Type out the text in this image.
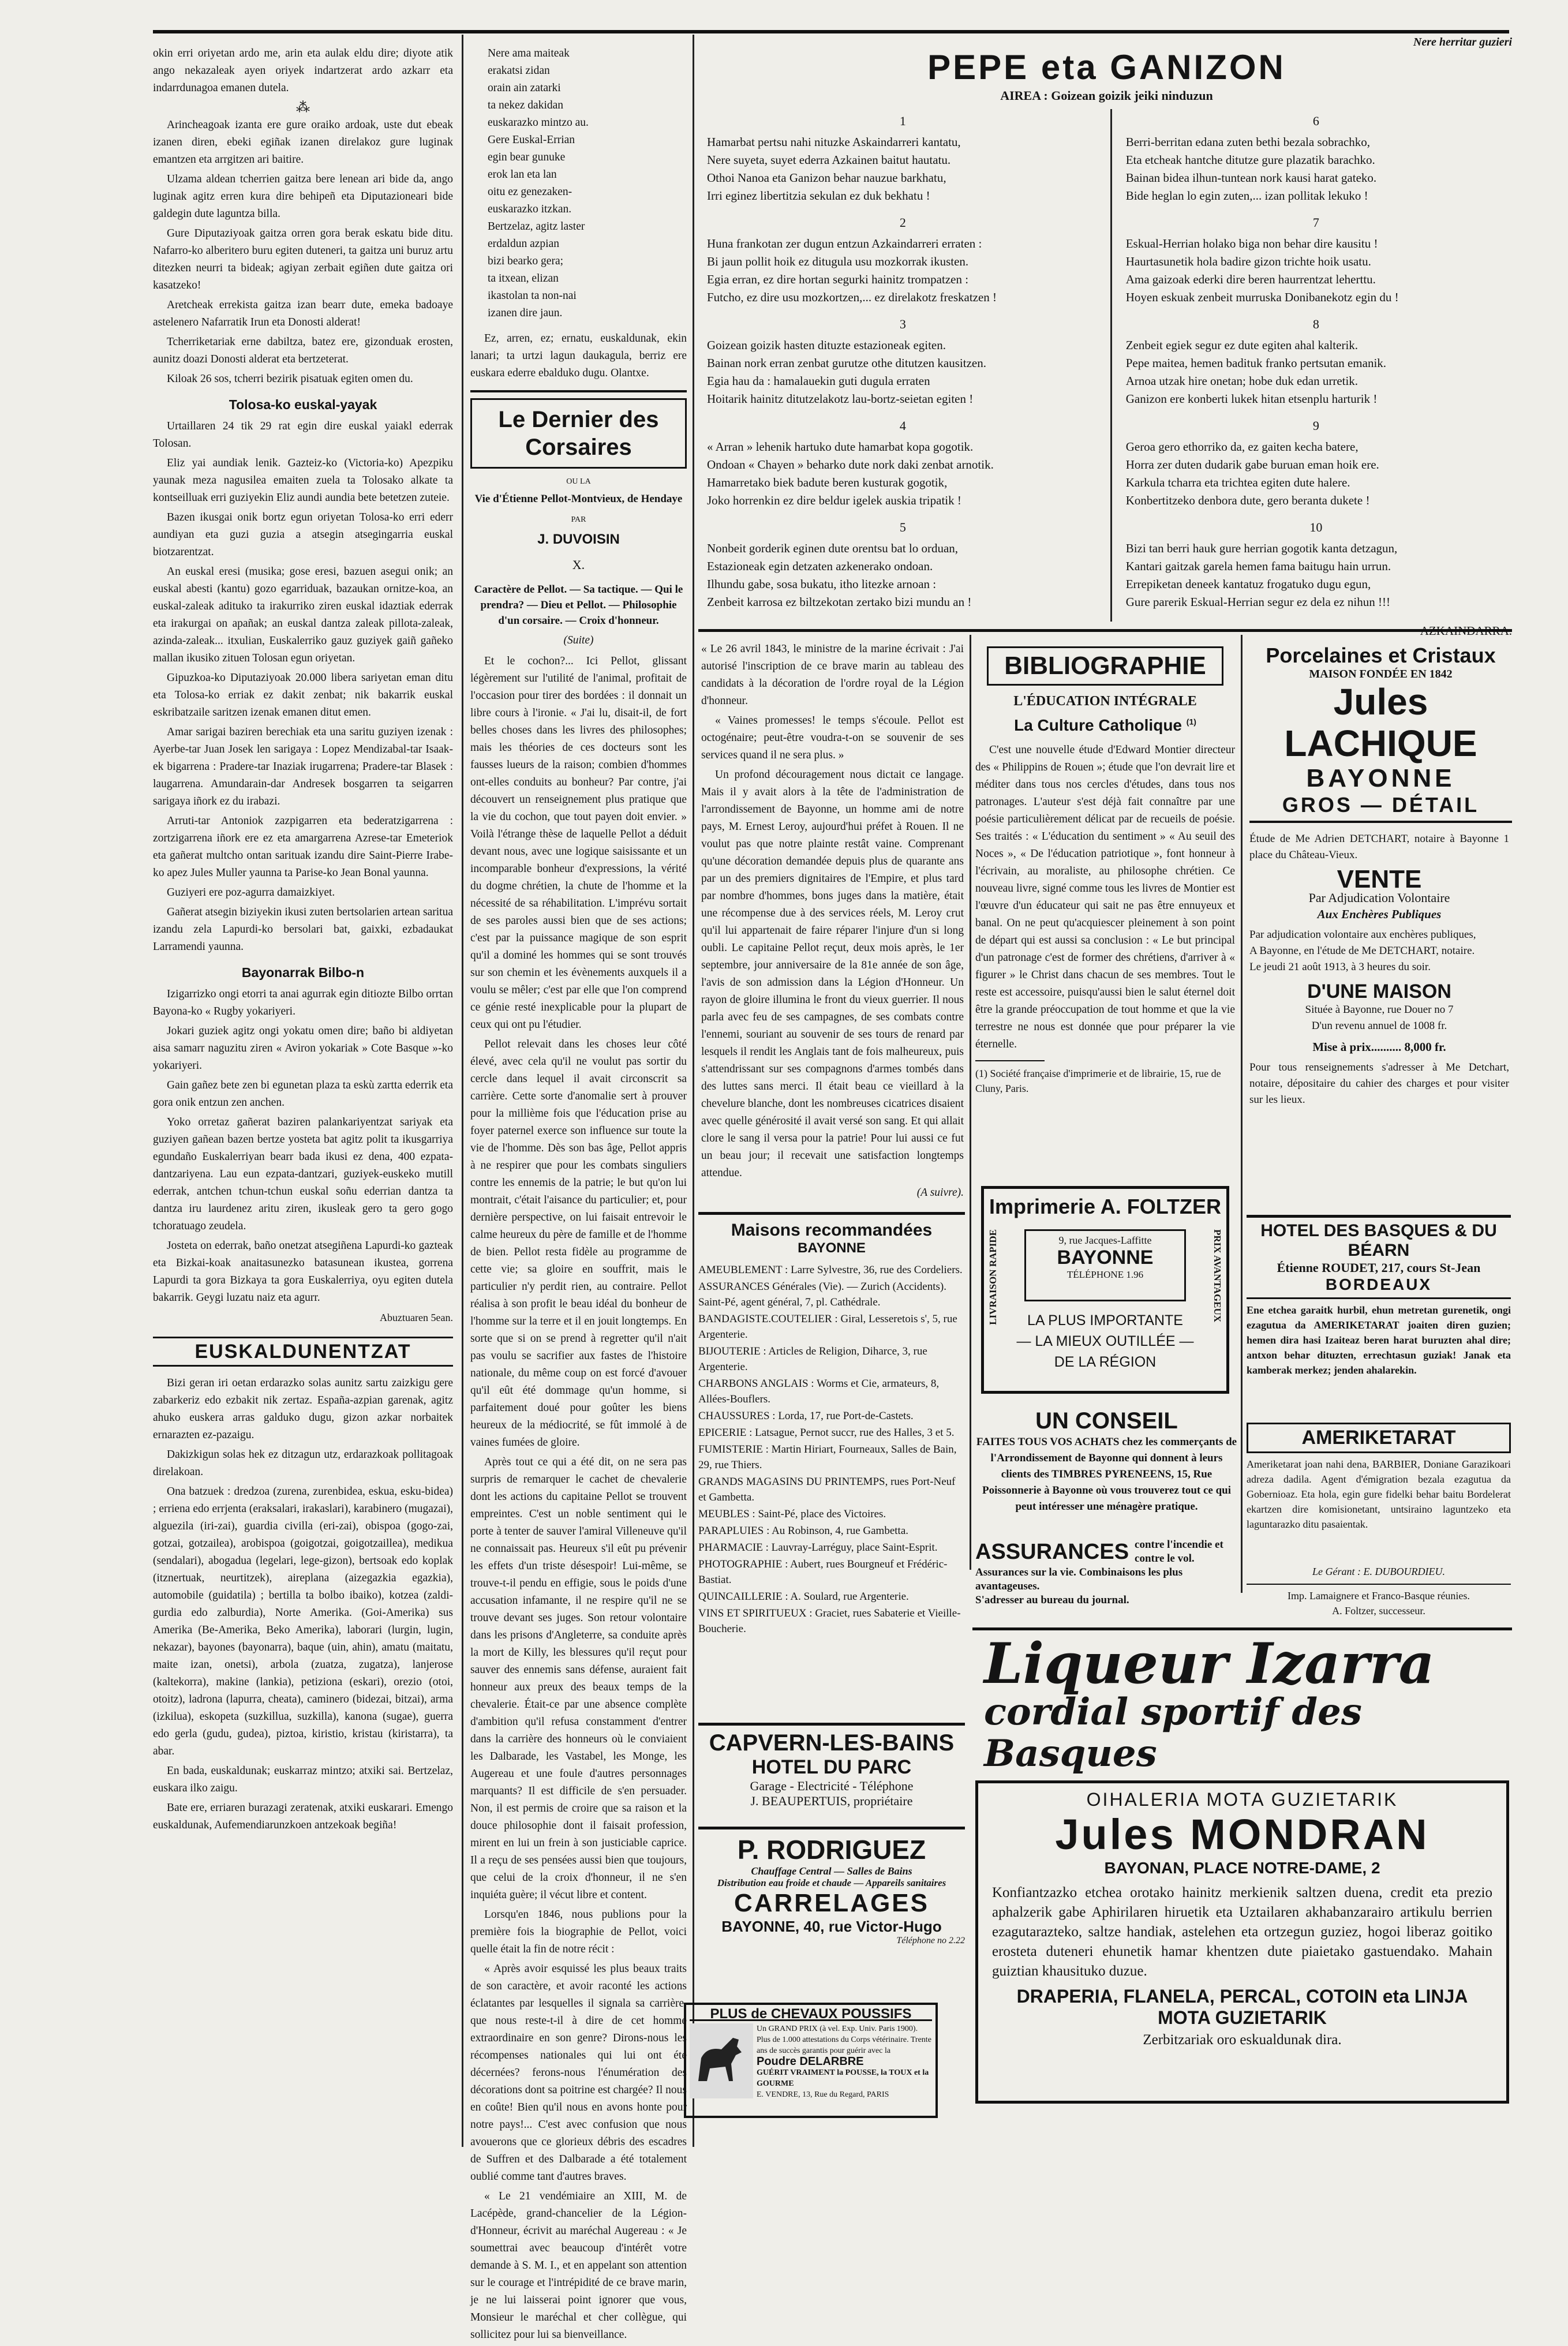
okin erri oriyetan ardo me, arin eta aulak eldu dire; diyote atik ango nekazaleak ayen oriyek indartzerat ardo azkarr eta indarrdunagoa emanen dutela.

⁂

Arincheagoak izanta ere gure oraiko ardoak, uste dut ebeak izanen diren, ebeki egiñak izanen direlakoz gure luginak emantzen eta arrgitzen ari baitire.

Ulzama aldean tcherrien gaitza bere lenean ari bide da, ango luginak agitz erren kura dire behipeñ eta Diputazioneari bide galdegin dute laguntza billa.

Gure Diputaziyoak gaitza orren gora berak eskatu bide ditu. Nafarro-ko alberitero buru egiten duteneri, ta gaitza uni buruz artu ditezken neurri ta bideak; agiyan zerbait egiñen dute gaitza ori kasatzeko!

Aretcheak errekista gaitza izan bearr dute, emeka badoaye astelenero Nafarratik Irun eta Donosti alderat!

Tcherriketariak erne dabiltza, batez ere, gizonduak erosten, aunitz doazi Donosti alderat eta bertzeterat.

Kiloak 26 sos, tcherri bezirik pisatuak egiten omen du.

Tolosa-ko euskal-yayak

Urtaillaren 24 tik 29 rat egin dire euskal yaiakl ederrak Tolosan.

Eliz yai aundiak lenik. Gazteiz-ko (Victoria-ko) Apezpiku yaunak meza nagusilea emaiten zuela ta Tolosako alkate ta kontseilluak erri guziyekin Eliz aundi aundia bete betetzen zuteie.

Bazen ikusgai onik bortz egun oriyetan Tolosa-ko erri ederr aundiyan eta guzi guzia a atsegin atsegingarria euskal biotzarentzat.

An euskal eresi (musika; gose eresi, bazuen asegui onik; an euskal abesti (kantu) gozo egarriduak, bazaukan ornitze-koa, an euskal-zaleak adituko ta irakurriko ziren euskal idaztiak ederrak eta irakurgai on apañak; an euskal dantza zaleak pillota-zaleak, azinda-zaleak... itxulian, Euskalerriko gauz guziyek gaiñ gañeko mallan ikusiko zituen Tolosan egun oriyetan.

Gipuzkoa-ko Diputaziyoak 20.000 libera sariyetan eman ditu eta Tolosa-ko erriak ez dakit zenbat; nik bakarrik euskal eskribatzaile saritzen izenak emanen ditut emen.

Amar sarigai baziren berechiak eta una saritu guziyen izenak : Ayerbe-tar Juan Josek len sarigaya : Lopez Mendizabal-tar Isaak-ek bigarrena : Pradere-tar Inaziak irugarrena; Pradere-tar Blasek : laugarrena. Amundarain-dar Andresek bosgarren ta seigarren sarigaya iñork ez du irabazi.

Arruti-tar Antoniok zazpigarren eta bederatzigarrena : zortzigarrena iñork ere ez eta amargarrena Azrese-tar Emeteriok eta gañerat multcho ontan sarituak izandu dire Saint-Pierre Irabe-ko apez Jules Muller yaunna ta Parise-ko Jean Bonal yaunna.

Guziyeri ere poz-agurra damaizkiyet.

Gañerat atsegin biziyekin ikusi zuten bertsolarien artean saritua izandu zela Lapurdi-ko bersolari bat, gaixki, ezbadaukat Larramendi yaunna.

Bayonarrak Bilbo-n

Izigarrizko ongi etorri ta anai agurrak egin ditiozte Bilbo orrtan Bayona-ko « Rugby yokariyeri.

Jokari guziek agitz ongi yokatu omen dire; baño bi aldiyetan aisa samarr naguzitu ziren « Aviron yokariak » Cote Basque »-ko yokariyeri.

Gain gañez bete zen bi egunetan plaza ta eskù zartta ederrik eta gora onik entzun zen anchen.

Yoko orretaz gañerat baziren palankariyentzat sariyak eta guziyen gañean bazen bertze yosteta bat agitz polit ta ikusgarriya egundaño Euskalerriyan bearr bada ikusi ez dena, 400 ezpata-dantzariyena. Lau eun ezpata-dantzari, guziyek-euskeko mutill ederrak, antchen tchun-tchun euskal soñu ederrian dantza ta dantza iru laurdenez aritu ziren, ikusleak gero ta gero gogo tchoratuago zeudela.

Josteta on ederrak, baño onetzat atsegiñena Lapurdi-ko gazteak eta Bizkai-koak anaitasunezko batasunean ikustea, gorrena Lapurdi ta gora Bizkaya ta gora Euskalerriya, oyu egiten dutela bakarrik. Geygi luzatu naiz eta agurr.

Abuztuaren 5ean.
EUSKALDUNENTZAT

Bizi geran iri oetan erdarazko solas aunitz sartu zaizkigu gere zabarkeriz edo ezbakit nik zertaz. España-azpian garenak, agitz ahuko euskera arras galduko dugu, gizon azkar norbaitek ernarazten ez-pazaigu.

Dakizkigun solas hek ez ditzagun utz, erdarazkoak pollitagoak direlakoan.

Ona batzuek : dredzoa (zurena, zurenbidea, eskua, esku-bidea) ; erriena edo errjenta (eraksalari, irakaslari), karabinero (mugazai), alguezila (iri-zai), guardia civilla (eri-zai), obispoa (gogo-zai, gotzai, gotzailea), arobispoa (goigotzai, goigotzaillea), medikua (sendalari), abogadua (legelari, lege-gizon), bertsoak edo koplak (itznertuak, neurtitzek), aireplana (aizegazkia egazkia), automobile (guidatila) ; bertilla ta bolbo ibaiko), kotzea (zaldi-gurdia edo zalburdia), Norte Amerika. (Goi-Amerika) sus Amerika (Be-Amerika, Beko Amerika), laborari (lurgin, lugin, nekazar), bayones (bayonarra), baque (uin, ahin), amatu (maitatu, maite izan, onetsi), arbola (zuatza, zugatza), lanjerose (kaltekorra), makine (lankia), petiziona (eskari), orezio (otoi, otoitz), ladrona (lapurra, cheata), caminero (bidezai, bitzai), arma (izkilua), eskopeta (suzkillua, suzkilla), kanona (sugae), guerra edo gerla (gudu, gudea), piztoa, kiristio, kristau (kiristarra), ta abar.

En bada, euskaldunak; euskarraz mintzo; atxiki sai. Bertzelaz, euskara ilko zaigu.

Bate ere, erriaren burazagi zeratenak, atxiki euskarari. Emengo euskaldunak, Aufemendiarunzkoen antzekoak begiña!

Nere ama maiteak
erakatsi zidan
orain ain zatarki
ta nekez dakidan
euskarazko mintzo au.
Gere Euskal-Errian
egin bear gunuke
erok lan eta lan
oitu ez genezaken-
euskarazko itzkan.
Bertzelaz, agitz laster
erdaldun azpian
bizi bearko gera;
ta itxean, elizan
ikastolan ta non-nai
izanen dire jaun.

Ez, arren, ez; ernatu, euskaldunak, ekin lanari; ta urtzi lagun daukagula, berriz ere euskara ederre ebalduko dugu. Olantxe.

Le Dernier des Corsaires
OU LA
Vie d'Étienne Pellot-Montvieux, de Hendaye
PAR
J. DUVOISIN
X.
Caractère de Pellot. — Sa tactique. — Qui le prendra? — Dieu et Pellot. — Philosophie d'un corsaire. — Croix d'honneur.
(Suite)

Et le cochon?... Ici Pellot, glissant légèrement sur l'utilité de l'animal, profitait de l'occasion pour tirer des bordées : il donnait un libre cours à l'ironie. « J'ai lu, disait-il, de fort belles choses dans les livres des philosophes; mais les théories de ces docteurs sont les fausses lueurs de la raison; combien d'hommes ont-elles conduits au bonheur? Par contre, j'ai découvert un renseignement plus pratique que la vie du cochon, que tout payen doit envier. » Voilà l'étrange thèse de laquelle Pellot a déduit devant nous, avec une logique saisissante et un incomparable bonheur d'expressions, la vérité du dogme chrétien, la chute de l'homme et la nécessité de sa réhabilitation. L'imprévu sortait de ses paroles aussi bien que de ses actions; c'est par la puissance magique de son esprit qu'il a dominé les hommes qui se sont trouvés sur son chemin et les évènements auxquels il a voulu se mêler; c'est par elle que l'on comprend ce génie resté inexplicable pour la plupart de ceux qui ont pu l'étudier.

Pellot relevait dans les choses leur côté élevé, avec cela qu'il ne voulut pas sortir du cercle dans lequel il avait circonscrit sa carrière. Cette sorte d'anomalie sert à prouver pour la millième fois que l'éducation prise au foyer paternel exerce son influence sur toute la vie de l'homme. Dès son bas âge, Pellot appris à ne respirer que pour les combats singuliers contre les ennemis de la patrie; le but qu'on lui montrait, c'était l'aisance du particulier; et, pour dernière perspective, on lui faisait entrevoir le calme heureux du père de famille et de l'homme de bien. Pellot resta fidèle au programme de cette vie; sa gloire en souffrit, mais le particulier n'y perdit rien, au contraire. Pellot réalisa à son profit le beau idéal du bonheur de l'homme sur la terre et il en jouit longtemps. En sorte que si on se prend à regretter qu'il n'ait pas voulu se sacrifier aux fastes de l'histoire nationale, du même coup on est forcé d'avouer qu'il eût été dommage qu'un homme, si parfaitement doué pour goûter les biens heureux de la médiocrité, se fût immolé à de vaines fumées de gloire.

Après tout ce qui a été dit, on ne sera pas surpris de remarquer le cachet de chevalerie dont les actions du capitaine Pellot se trouvent empreintes. C'est un noble sentiment qui le porte à tenter de sauver l'amiral Villeneuve qu'il ne connaissait pas. Heureux s'il eût pu prévenir les effets d'un triste désespoir! Lui-même, se trouve-t-il pendu en effigie, sous le poids d'une accusation infamante, il ne respire qu'il ne se trouve devant ses juges. Son retour volontaire dans les prisons d'Angleterre, sa conduite après la mort de Killy, les blessures qu'il reçut pour sauver des ennemis sans défense, auraient fait honneur aux preux des beaux temps de la chevalerie. Était-ce par une absence complète d'ambition qu'il refusa constamment d'entrer dans la carrière des honneurs où le conviaient les Dalbarade, les Vastabel, les Monge, les Augereau et une foule d'autres personnages marquants? Il est difficile de s'en persuader. Non, il est permis de croire que sa raison et la douce philosophie dont il faisait profession, mirent en lui un frein à son justiciable caprice. Il a reçu de ses pensées aussi bien que toujours, que celui de la croix d'honneur, il ne s'en inquiéta guère; il vécut libre et content.

Lorsqu'en 1846, nous publions pour la première fois la biographie de Pellot, voici quelle était la fin de notre récit :

« Après avoir esquissé les plus beaux traits de son caractère, et avoir raconté les actions éclatantes par lesquelles il signala sa carrière, que nous reste-t-il à dire de cet homme extraordinaire en son genre? Dirons-nous les récompenses nationales qui lui ont été décernées? ferons-nous l'énumération des décorations dont sa poitrine est chargée? Il nous en coûte! Bien qu'il nous en avons honte pour notre pays!... C'est avec confusion que nous avouerons que ce glorieux débris des escadres de Suffren et des Dalbarade a été totalement oublié comme tant d'autres braves.

« Le 21 vendémiaire an XIII, M. de Lacépède, grand-chancelier de la Légion-d'Honneur, écrivit au maréchal Augereau : « Je soumettrai avec beaucoup d'intérêt votre demande à S. M. I., et en appelant son attention sur le courage et l'intrépidité de ce brave marin, je ne lui laisserai point ignorer que vous, Monsieur le maréchal et cher collègue, qui sollicitez pour lui sa bienveillance.

Nere herritar guzieri
PEPE eta GANIZON
AIREA : Goizean goizik jeiki ninduzun
1
Hamarbat pertsu nahi nituzke Askaindarreri kantatu,
Nere suyeta, suyet ederra Azkainen baitut hautatu.
Othoi Nanoa eta Ganizon behar nauzue barkhatu,
Irri eginez libertitzia sekulan ez duk bekhatu !
2
Huna frankotan zer dugun entzun Azkaindarreri erraten :
Bi jaun pollit hoik ez ditugula usu mozkorrak ikusten.
Egia erran, ez dire hortan segurki hainitz trompatzen :
Futcho, ez dire usu mozkortzen,... ez direlakotz freskatzen !
3
Goizean goizik hasten dituzte estazioneak egiten.
Bainan nork erran zenbat gurutze othe ditutzen kausitzen.
Egia hau da : hamalauekin guti dugula erraten
Hoitarik hainitz ditutzelakotz lau-bortz-seietan egiten !
4
« Arran » lehenik hartuko dute hamarbat kopa gogotik.
Ondoan « Chayen » beharko dute nork daki zenbat arnotik.
Hamarretako biek badute beren kusturak gogotik,
Joko horrenkin ez dire beldur igelek auskia tripatik !
5
Nonbeit gorderik eginen dute orentsu bat lo orduan,
Estazioneak egin detzaten azkenerako ondoan.
Ilhundu gabe, sosa bukatu, itho litezke arnoan :
Zenbeit karrosa ez biltzekotan zertako bizi mundu an !
6
Berri-berritan edana zuten bethi bezala sobrachko,
Eta etcheak hantche ditutze gure plazatik barachko.
Bainan bidea ilhun-tuntean nork kausi harat gateko.
Bide heglan lo egin zuten,... izan pollitak lekuko !
7
Eskual-Herrian holako biga non behar dire kausitu !
Haurtasunetik hola badire gizon trichte hoik usatu.
Ama gaizoak ederki dire beren haurrentzat leherttu.
Hoyen eskuak zenbeit murruska Donibanekotz egin du !
8
Zenbeit egiek segur ez dute egiten ahal kalterik.
Pepe maitea, hemen badituk franko pertsutan emanik.
Arnoa utzak hire onetan; hobe duk edan urretik.
Ganizon ere konberti lukek hitan etsenplu harturik !
9
Geroa gero ethorriko da, ez gaiten kecha batere,
Horra zer duten dudarik gabe buruan eman hoik ere.
Karkula tcharra eta trichtea egiten dute halere.
Konbertitzeko denbora dute, gero beranta dukete !
10
Bizi tan berri hauk gure herrian gogotik kanta detzagun,
Kantari gaitzak garela hemen fama baitugu hain urrun.
Errepiketan deneek kantatuz frogatuko dugu egun,
Gure parerik Eskual-Herrian segur ez dela ez nihun !!!
AZKAINDARRA.

« Le 26 avril 1843, le ministre de la marine écrivait : J'ai autorisé l'inscription de ce brave marin au tableau des candidats à la décoration de l'ordre royal de la Légion d'honneur.

« Vaines promesses! le temps s'écoule. Pellot est octogénaire; peut-être voudra-t-on se souvenir de ses services quand il ne sera plus. »

Un profond découragement nous dictait ce langage. Mais il y avait alors à la tête de l'administration de l'arrondissement de Bayonne, un homme ami de notre pays, M. Ernest Leroy, aujourd'hui préfet à Rouen. Il ne voulut pas que notre plainte restât vaine. Comprenant qu'une décoration demandée depuis plus de quarante ans par un des premiers dignitaires de l'Empire, et plus tard par nombre d'hommes, bons juges dans la matière, était une récompense due à des services réels, M. Leroy crut qu'il lui appartenait de faire réparer l'injure d'un si long oubli. Le capitaine Pellot reçut, deux mois après, le 1er septembre, jour anniversaire de la 81e année de son âge, l'avis de son admission dans la Légion d'Honneur. Un rayon de gloire illumina le front du vieux guerrier. Il nous parla avec feu de ses campagnes, de ses combats contre l'ennemi, souriant au souvenir de ses tours de renard par lesquels il rendit les Anglais tant de fois malheureux, puis s'attendrissant sur ses compagnons d'armes tombés dans des luttes sans merci. Il était beau ce vieillard à la chevelure blanche, dont les nombreuses cicatrices disaient avec quelle générosité il avait versé son sang. Et qui allait clore le sang il versa pour la patrie! Pour lui aussi ce fut un beau jour; il recevait une satisfaction longtemps attendue.

(A suivre).
Maisons recommandées
BAYONNE
AMEUBLEMENT : Larre Sylvestre, 36, rue des Cordeliers.
ASSURANCES Générales (Vie). — Zurich (Accidents). Saint-Pé, agent général, 7, pl. Cathédrale.
BANDAGISTE.COUTELIER : Giral, Lesseretois s', 5, rue Argenterie.
BIJOUTERIE : Articles de Religion, Diharce, 3, rue Argenterie.
CHARBONS ANGLAIS : Worms et Cie, armateurs, 8, Allées-Bouflers.
CHAUSSURES : Lorda, 17, rue Port-de-Castets.
EPICERIE : Latsague, Pernot succr, rue des Halles, 3 et 5.
FUMISTERIE : Martin Hiriart, Fourneaux, Salles de Bain, 29, rue Thiers.
GRANDS MAGASINS DU PRINTEMPS, rues Port-Neuf et Gambetta.
MEUBLES : Saint-Pé, place des Victoires.
PARAPLUIES : Au Robinson, 4, rue Gambetta.
PHARMACIE : Lauvray-Larréguy, place Saint-Esprit.
PHOTOGRAPHIE : Aubert, rues Bourgneuf et Frédéric-Bastiat.
QUINCAILLERIE : A. Soulard, rue Argenterie.
VINS ET SPIRITUEUX : Graciet, rues Sabaterie et Vieille-Boucherie.
CAPVERN-LES-BAINS
HOTEL DU PARC
Garage - Electricité - Téléphone
J. BEAUPERTUIS, propriétaire
P. RODRIGUEZ
Chauffage Central — Salles de Bains
Distribution eau froide et chaude — Appareils sanitaires
CARRELAGES
BAYONNE, 40, rue Victor-Hugo
Téléphone no 2.22
PLUS de CHEVAUX POUSSIFS
Un GRAND PRIX (à vel. Exp. Univ. Paris 1900). Plus de 1.000 attestations du Corps vétérinaire. Trente ans de succès garantis pour guérir avec la
Poudre DELARBRE
GUÉRIT VRAIMENT la POUSSE, la TOUX et la GOURME
E. VENDRE, 13, Rue du Regard, PARIS
BIBLIOGRAPHIE
L'ÉDUCATION INTÉGRALE
La Culture Catholique $^{(1)}$

C'est une nouvelle étude d'Edward Montier directeur des « Philippins de Rouen »; étude que l'on devrait lire et méditer dans tous nos cercles d'études, dans tous nos patronages. L'auteur s'est déjà fait connaître par une poésie particulièrement délicat par de recueils de poésie. Ses traités : « L'éducation du sentiment » « Au seuil des Noces », « De l'éducation patriotique », font honneur à l'écrivain, au moraliste, au philosophe chrétien. Ce nouveau livre, signé comme tous les livres de Montier est l'œuvre d'un éducateur qui sait ne pas être ennuyeux et banal. On ne peut qu'acquiescer pleinement à son point de départ qui est aussi sa conclusion : « Le but principal d'un patronage c'est de former des chrétiens, d'arriver à « figurer » le Christ dans chacun de ses membres. Tout le reste est accessoire, puisqu'aussi bien le salut éternel doit être la grande préoccupation de tout homme et que la vie terrestre ne nous est donnée que pour préparer la vie éternelle.

(1) Société française d'imprimerie et de librairie, 15, rue de Cluny, Paris.
Imprimerie A. FOLTZER
LIVRAISON RAPIDE	PRIX AVANTAGEUX
9, rue Jacques-Laffitte
BAYONNE
TÉLÉPHONE 1.96
LA PLUS IMPORTANTE
— LA MIEUX OUTILLÉE —
DE LA RÉGION
UN CONSEIL
FAITES TOUS VOS ACHATS chez les commerçants de l'Arrondissement de Bayonne qui donnent à leurs clients des TIMBRES PYRENEENS, 15, Rue Poissonnerie à Bayonne où vous trouverez tout ce qui peut intéresser une ménagère pratique.
ASSURANCES contre l'incendie et contre le vol.
Assurances sur la vie. Combinaisons les plus avantageuses.
S'adresser au bureau du journal.
Porcelaines et Cristaux
MAISON FONDÉE EN 1842
Jules LACHIQUE
BAYONNE
GROS — DÉTAIL
Étude de Me Adrien DETCHART, notaire à Bayonne 1 place du Château-Vieux.
VENTE
Par Adjudication Volontaire
Aux Enchères Publiques
Par adjudication volontaire aux enchères publiques,
A Bayonne, en l'étude de Me DETCHART, notaire.
Le jeudi 21 août 1913, à 3 heures du soir.
D'UNE MAISON
Située à Bayonne, rue Douer no 7
D'un revenu annuel de 1008 fr.
Mise à prix.......... 8,000 fr.
Pour tous renseignements s'adresser à Me Detchart, notaire, dépositaire du cahier des charges et pour visiter sur les lieux.
HOTEL DES BASQUES & DU BÉARN
Étienne ROUDET, 217, cours St-Jean
BORDEAUX
Ene etchea garaitk hurbil, ehun metretan gurenetik, ongi ezagutua da AMERIKETARAT joaiten diren guzien; hemen dira hasi Izaiteaz beren harat buruzten ahal dire; antxon behar dituzten, errechtasun guziak! Janak eta kamberak merkez; jenden ahalarekin.
AMERIKETARAT
Ameriketarat joan nahi dena, BARBIER, Doniane Garazikoari adreza dadila. Agent d'émigration bezala ezagutua da Gobernioaz. Eta hola, egin gure fidelki behar baitu Bordelerat ekartzen dire komisionetant, untsiraino laguntzeko eta laguntarazko ditu pasaientak.
Le Gérant : E. DUBOURDIEU.
Imp. Lamaignere et Franco-Basque réunies.
A. Foltzer, successeur.
Liqueur Izarra
cordial sportif des Basques
OIHALERIA MOTA GUZIETARIK
Jules MONDRAN
BAYONAN, PLACE NOTRE-DAME, 2
Konfiantzazko etchea orotako hainitz merkienik saltzen duena, credit eta prezio aphalzerik gabe Aphirilaren hiruetik eta Uztailaren akhabanzarairo artikulu berrien ezagutarazteko, saltze handiak, astelehen eta ortzegun guziez, hogoi liberaz goitiko erosteta duteneri ehunetik hamar khentzen dute piaietako gastuendako. Mahain guiztian khausituko duzue.
DRAPERIA, FLANELA, PERCAL, COTOIN eta LINJA
MOTA GUZIETARIK
Zerbitzariak oro eskualdunak dira.
